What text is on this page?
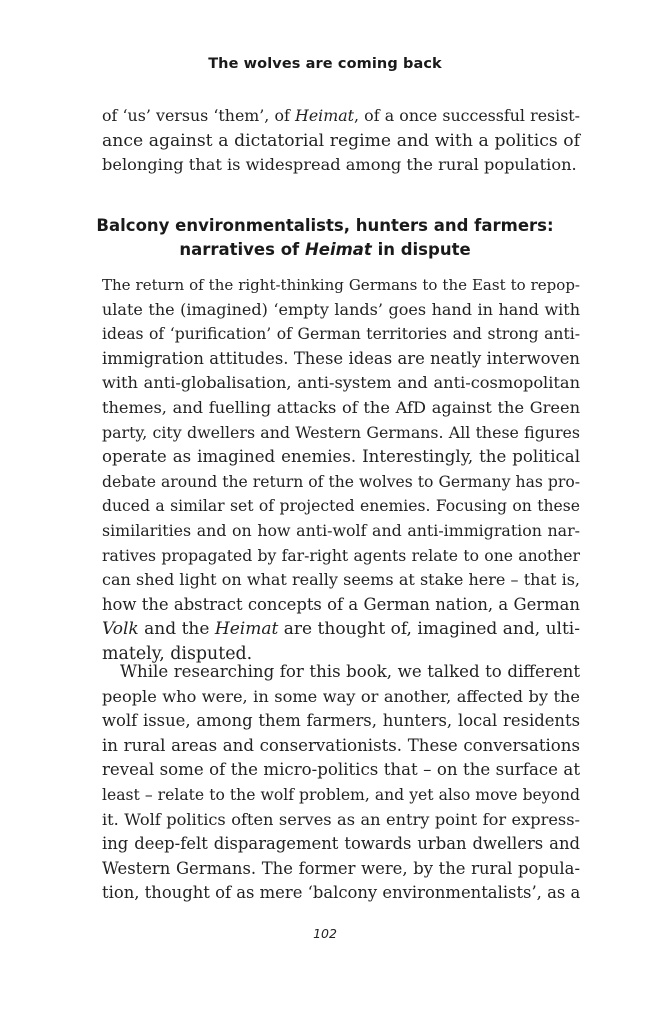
The wolves are coming back
of ‘us’ versus ‘them’, of Heimat, of a once successful resist-
ance against a dictatorial regime and with a politics of
belonging that is widespread among the rural population.
Balcony environmentalists, hunters and farmers:
narratives of Heimat in dispute
The return of the right-thinking Germans to the East to repop-
ulate the (imagined) ‘empty lands’ goes hand in hand with
ideas of ‘purification’ of German territories and strong anti-
immigration attitudes. These ideas are neatly interwoven
with anti-globalisation, anti-system and anti-cosmopolitan
themes, and fuelling attacks of the AfD against the Green
party, city dwellers and Western Germans. All these figures
operate as imagined enemies. Interestingly, the political
debate around the return of the wolves to Germany has pro-
duced a similar set of projected enemies. Focusing on these
similarities and on how anti-wolf and anti-immigration nar-
ratives propagated by far-right agents relate to one another
can shed light on what really seems at stake here – that is,
how the abstract concepts of a German nation, a German
Volk and the Heimat are thought of, imagined and, ulti-
mately, disputed.
While researching for this book, we talked to different
people who were, in some way or another, affected by the
wolf issue, among them farmers, hunters, local residents
in rural areas and conservationists. These conversations
reveal some of the micro-politics that – on the surface at
least – relate to the wolf problem, and yet also move beyond
it. Wolf politics often serves as an entry point for express-
ing deep-felt disparagement towards urban dwellers and
Western Germans. The former were, by the rural popula-
tion, thought of as mere ‘balcony environmentalists’, as a
102
